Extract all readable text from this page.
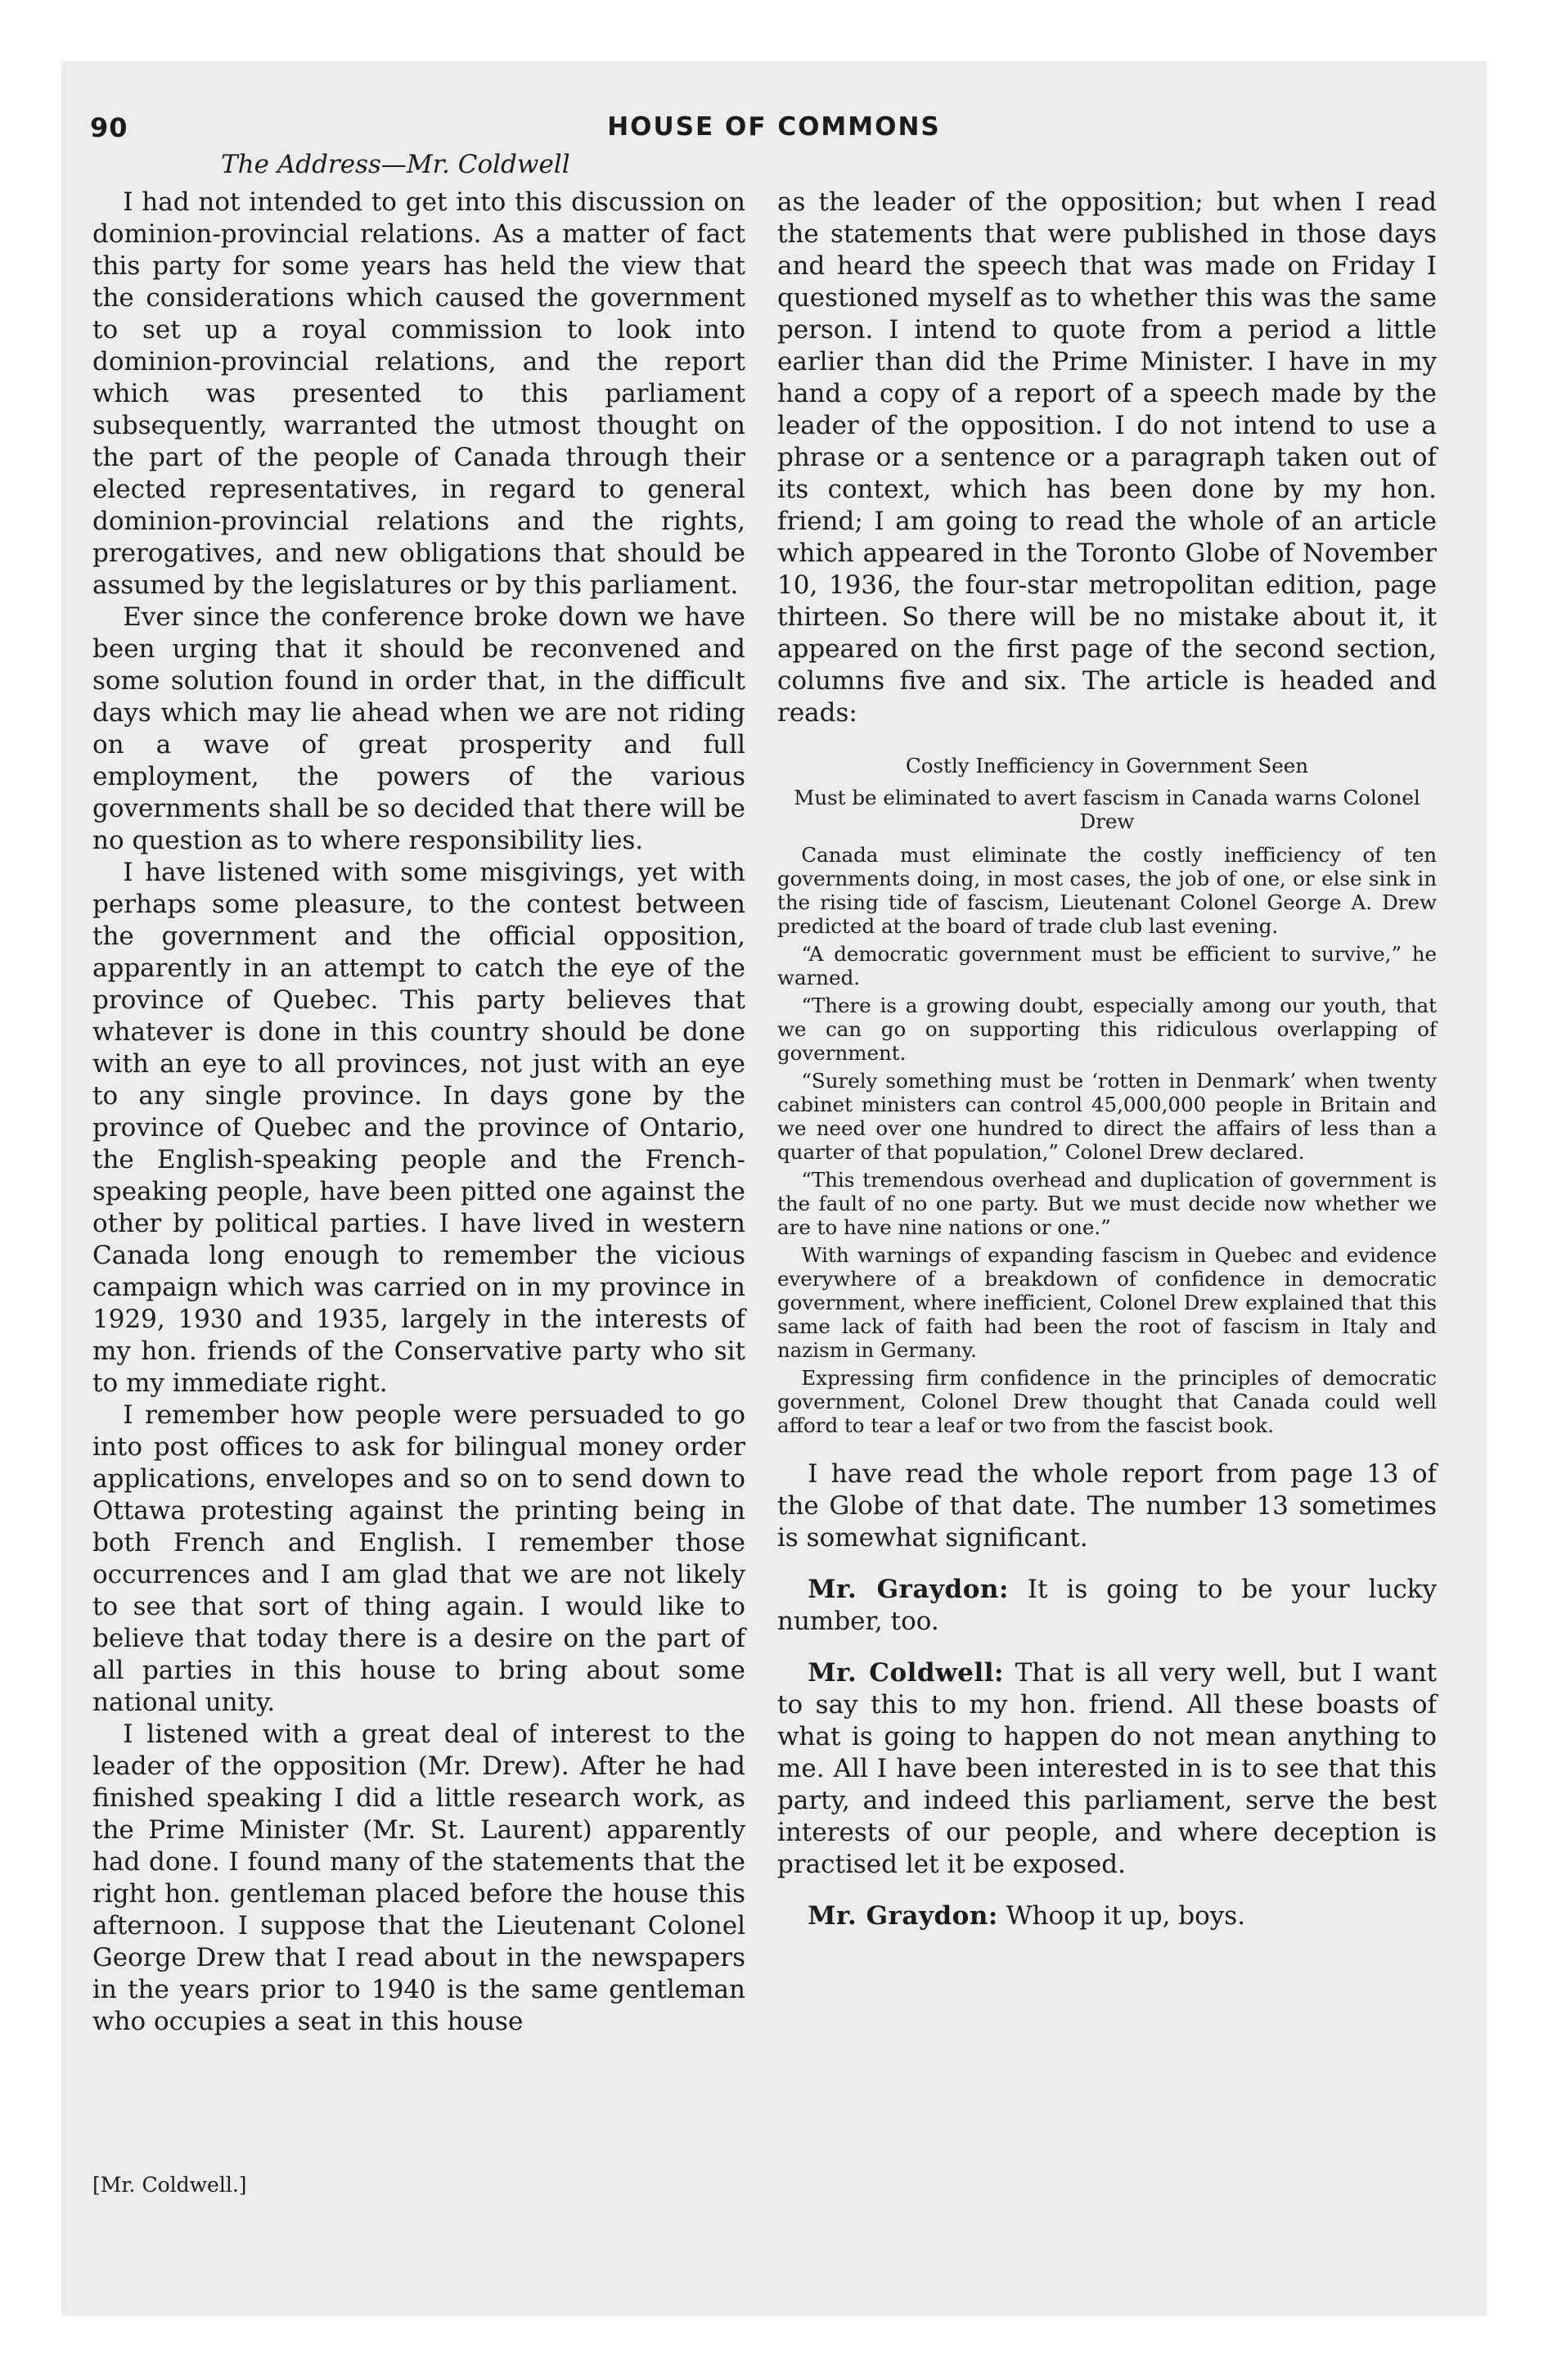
90	HOUSE OF COMMONS
The Address—Mr. Coldwell

I had not intended to get into this discussion on dominion-provincial relations. As a matter of fact this party for some years has held the view that the considerations which caused the government to set up a royal commission to look into dominion-provincial relations, and the report which was presented to this parliament subsequently, warranted the utmost thought on the part of the people of Canada through their elected representatives, in regard to general dominion-provincial relations and the rights, prerogatives, and new obligations that should be assumed by the legislatures or by this parliament.

Ever since the conference broke down we have been urging that it should be reconvened and some solution found in order that, in the difficult days which may lie ahead when we are not riding on a wave of great prosperity and full employment, the powers of the various governments shall be so decided that there will be no question as to where responsibility lies.

I have listened with some misgivings, yet with perhaps some pleasure, to the contest between the government and the official opposition, apparently in an attempt to catch the eye of the province of Quebec. This party believes that whatever is done in this country should be done with an eye to all provinces, not just with an eye to any single province. In days gone by the province of Quebec and the province of Ontario, the English-speaking people and the French-speaking people, have been pitted one against the other by political parties. I have lived in western Canada long enough to remember the vicious campaign which was carried on in my province in 1929, 1930 and 1935, largely in the interests of my hon. friends of the Conservative party who sit to my immediate right.

I remember how people were persuaded to go into post offices to ask for bilingual money order applications, envelopes and so on to send down to Ottawa protesting against the printing being in both French and English. I remember those occurrences and I am glad that we are not likely to see that sort of thing again. I would like to believe that today there is a desire on the part of all parties in this house to bring about some national unity.

I listened with a great deal of interest to the leader of the opposition (Mr. Drew). After he had finished speaking I did a little research work, as the Prime Minister (Mr. St. Laurent) apparently had done. I found many of the statements that the right hon. gentleman placed before the house this afternoon. I suppose that the Lieutenant Colonel George Drew that I read about in the newspapers in the years prior to 1940 is the same gentleman who occupies a seat in this house

as the leader of the opposition; but when I read the statements that were published in those days and heard the speech that was made on Friday I questioned myself as to whether this was the same person. I intend to quote from a period a little earlier than did the Prime Minister. I have in my hand a copy of a report of a speech made by the leader of the opposition. I do not intend to use a phrase or a sentence or a paragraph taken out of its context, which has been done by my hon. friend; I am going to read the whole of an article which appeared in the Toronto Globe of November 10, 1936, the four-star metropolitan edition, page thirteen. So there will be no mistake about it, it appeared on the first page of the second section, columns five and six. The article is headed and reads:

Costly Inefficiency in Government Seen
Must be eliminated to avert fascism in Canada warns Colonel Drew

Canada must eliminate the costly inefficiency of ten governments doing, in most cases, the job of one, or else sink in the rising tide of fascism, Lieutenant Colonel George A. Drew predicted at the board of trade club last evening.

“A democratic government must be efficient to survive,” he warned.

“There is a growing doubt, especially among our youth, that we can go on supporting this ridiculous overlapping of government.

“Surely something must be ‘rotten in Denmark’ when twenty cabinet ministers can control 45,000,000 people in Britain and we need over one hundred to direct the affairs of less than a quarter of that population,” Colonel Drew declared.

“This tremendous overhead and duplication of government is the fault of no one party. But we must decide now whether we are to have nine nations or one.”

With warnings of expanding fascism in Quebec and evidence everywhere of a breakdown of confidence in democratic government, where inefficient, Colonel Drew explained that this same lack of faith had been the root of fascism in Italy and nazism in Germany.

Expressing firm confidence in the principles of democratic government, Colonel Drew thought that Canada could well afford to tear a leaf or two from the fascist book.

I have read the whole report from page 13 of the Globe of that date. The number 13 sometimes is somewhat significant.

Mr. Graydon: It is going to be your lucky number, too.

Mr. Coldwell: That is all very well, but I want to say this to my hon. friend. All these boasts of what is going to happen do not mean anything to me. All I have been interested in is to see that this party, and indeed this parliament, serve the best interests of our people, and where deception is practised let it be exposed.

Mr. Graydon: Whoop it up, boys.

[Mr. Coldwell.]
